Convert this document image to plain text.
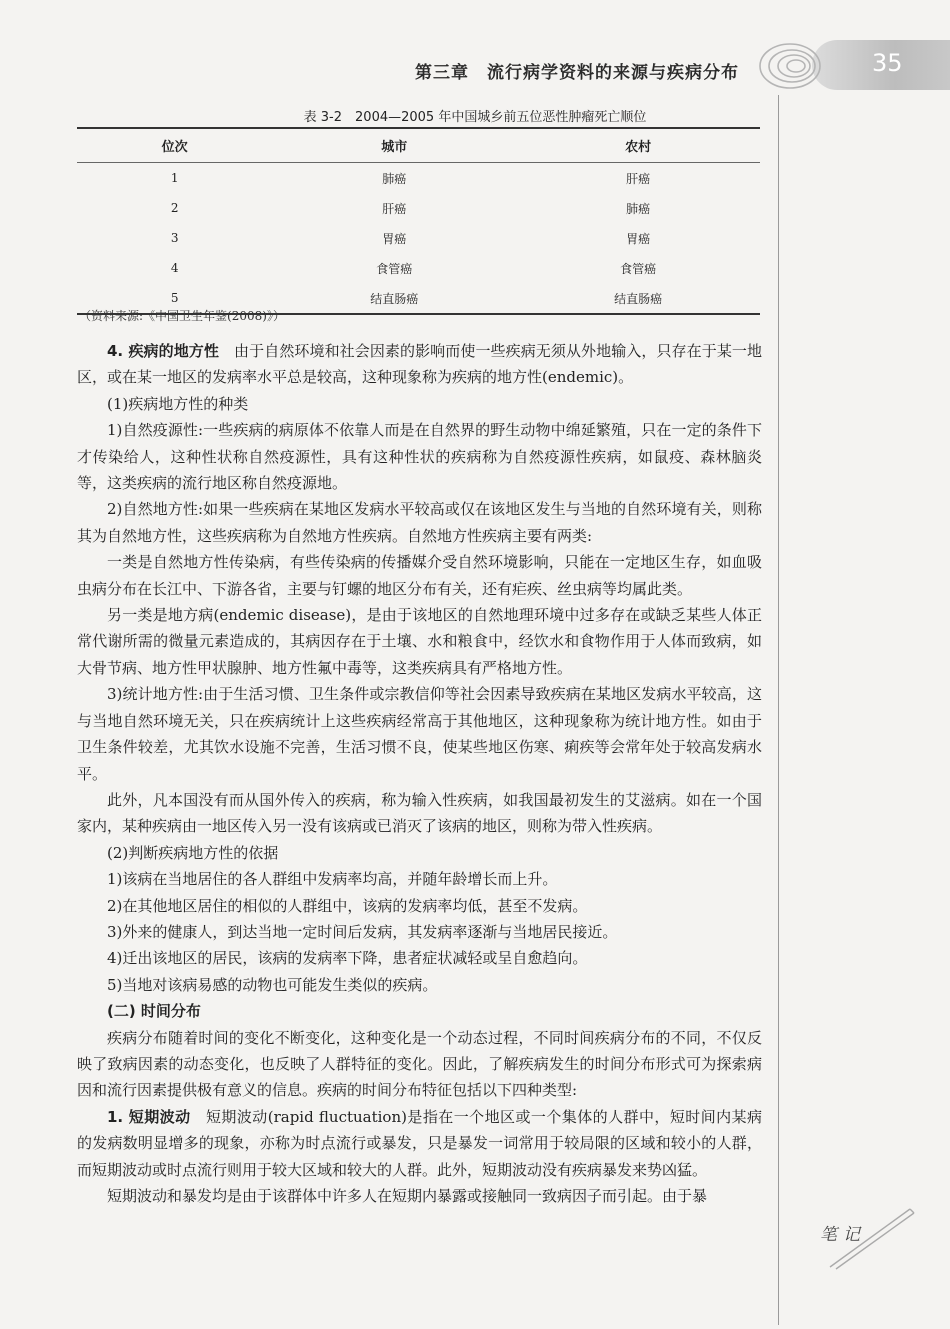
35
第三章　流行病学资料的来源与疾病分布
表 3-2　2004—2005 年中国城乡前五位恶性肿瘤死亡顺位
位次	城市	农村
1	肺癌	肝癌
2	肝癌	肺癌
3	胃癌	胃癌
4	食管癌	食管癌
5	结直肠癌	结直肠癌
（资料来源:《中国卫生年鉴(2008)》）

4. 疾病的地方性　由于自然环境和社会因素的影响而使一些疾病无须从外地输入，只存在于某一地区，或在某一地区的发病率水平总是较高，这种现象称为疾病的地方性(endemic)。

(1)疾病地方性的种类

1)自然疫源性:一些疾病的病原体不依靠人而是在自然界的野生动物中绵延繁殖，只在一定的条件下才传染给人，这种性状称自然疫源性，具有这种性状的疾病称为自然疫源性疾病，如鼠疫、森林脑炎等，这类疾病的流行地区称自然疫源地。

2)自然地方性:如果一些疾病在某地区发病水平较高或仅在该地区发生与当地的自然环境有关，则称其为自然地方性，这些疾病称为自然地方性疾病。自然地方性疾病主要有两类:

一类是自然地方性传染病，有些传染病的传播媒介受自然环境影响，只能在一定地区生存，如血吸虫病分布在长江中、下游各省，主要与钉螺的地区分布有关，还有疟疾、丝虫病等均属此类。

另一类是地方病(endemic disease)，是由于该地区的自然地理环境中过多存在或缺乏某些人体正常代谢所需的微量元素造成的，其病因存在于土壤、水和粮食中，经饮水和食物作用于人体而致病，如大骨节病、地方性甲状腺肿、地方性氟中毒等，这类疾病具有严格地方性。

3)统计地方性:由于生活习惯、卫生条件或宗教信仰等社会因素导致疾病在某地区发病水平较高，这与当地自然环境无关，只在疾病统计上这些疾病经常高于其他地区，这种现象称为统计地方性。如由于卫生条件较差，尤其饮水设施不完善，生活习惯不良，使某些地区伤寒、痢疾等会常年处于较高发病水平。

此外，凡本国没有而从国外传入的疾病，称为输入性疾病，如我国最初发生的艾滋病。如在一个国家内，某种疾病由一地区传入另一没有该病或已消灭了该病的地区，则称为带入性疾病。

(2)判断疾病地方性的依据

1)该病在当地居住的各人群组中发病率均高，并随年龄增长而上升。

2)在其他地区居住的相似的人群组中，该病的发病率均低，甚至不发病。

3)外来的健康人，到达当地一定时间后发病，其发病率逐渐与当地居民接近。

4)迁出该地区的居民，该病的发病率下降，患者症状减轻或呈自愈趋向。

5)当地对该病易感的动物也可能发生类似的疾病。

(二) 时间分布

疾病分布随着时间的变化不断变化，这种变化是一个动态过程，不同时间疾病分布的不同，不仅反映了致病因素的动态变化，也反映了人群特征的变化。因此，了解疾病发生的时间分布形式可为探索病因和流行因素提供极有意义的信息。疾病的时间分布特征包括以下四种类型:

1. 短期波动　短期波动(rapid fluctuation)是指在一个地区或一个集体的人群中，短时间内某病的发病数明显增多的现象，亦称为时点流行或暴发，只是暴发一词常用于较局限的区域和较小的人群，而短期波动或时点流行则用于较大区域和较大的人群。此外，短期波动没有疾病暴发来势凶猛。

短期波动和暴发均是由于该群体中许多人在短期内暴露或接触同一致病因子而引起。由于暴

笔记
